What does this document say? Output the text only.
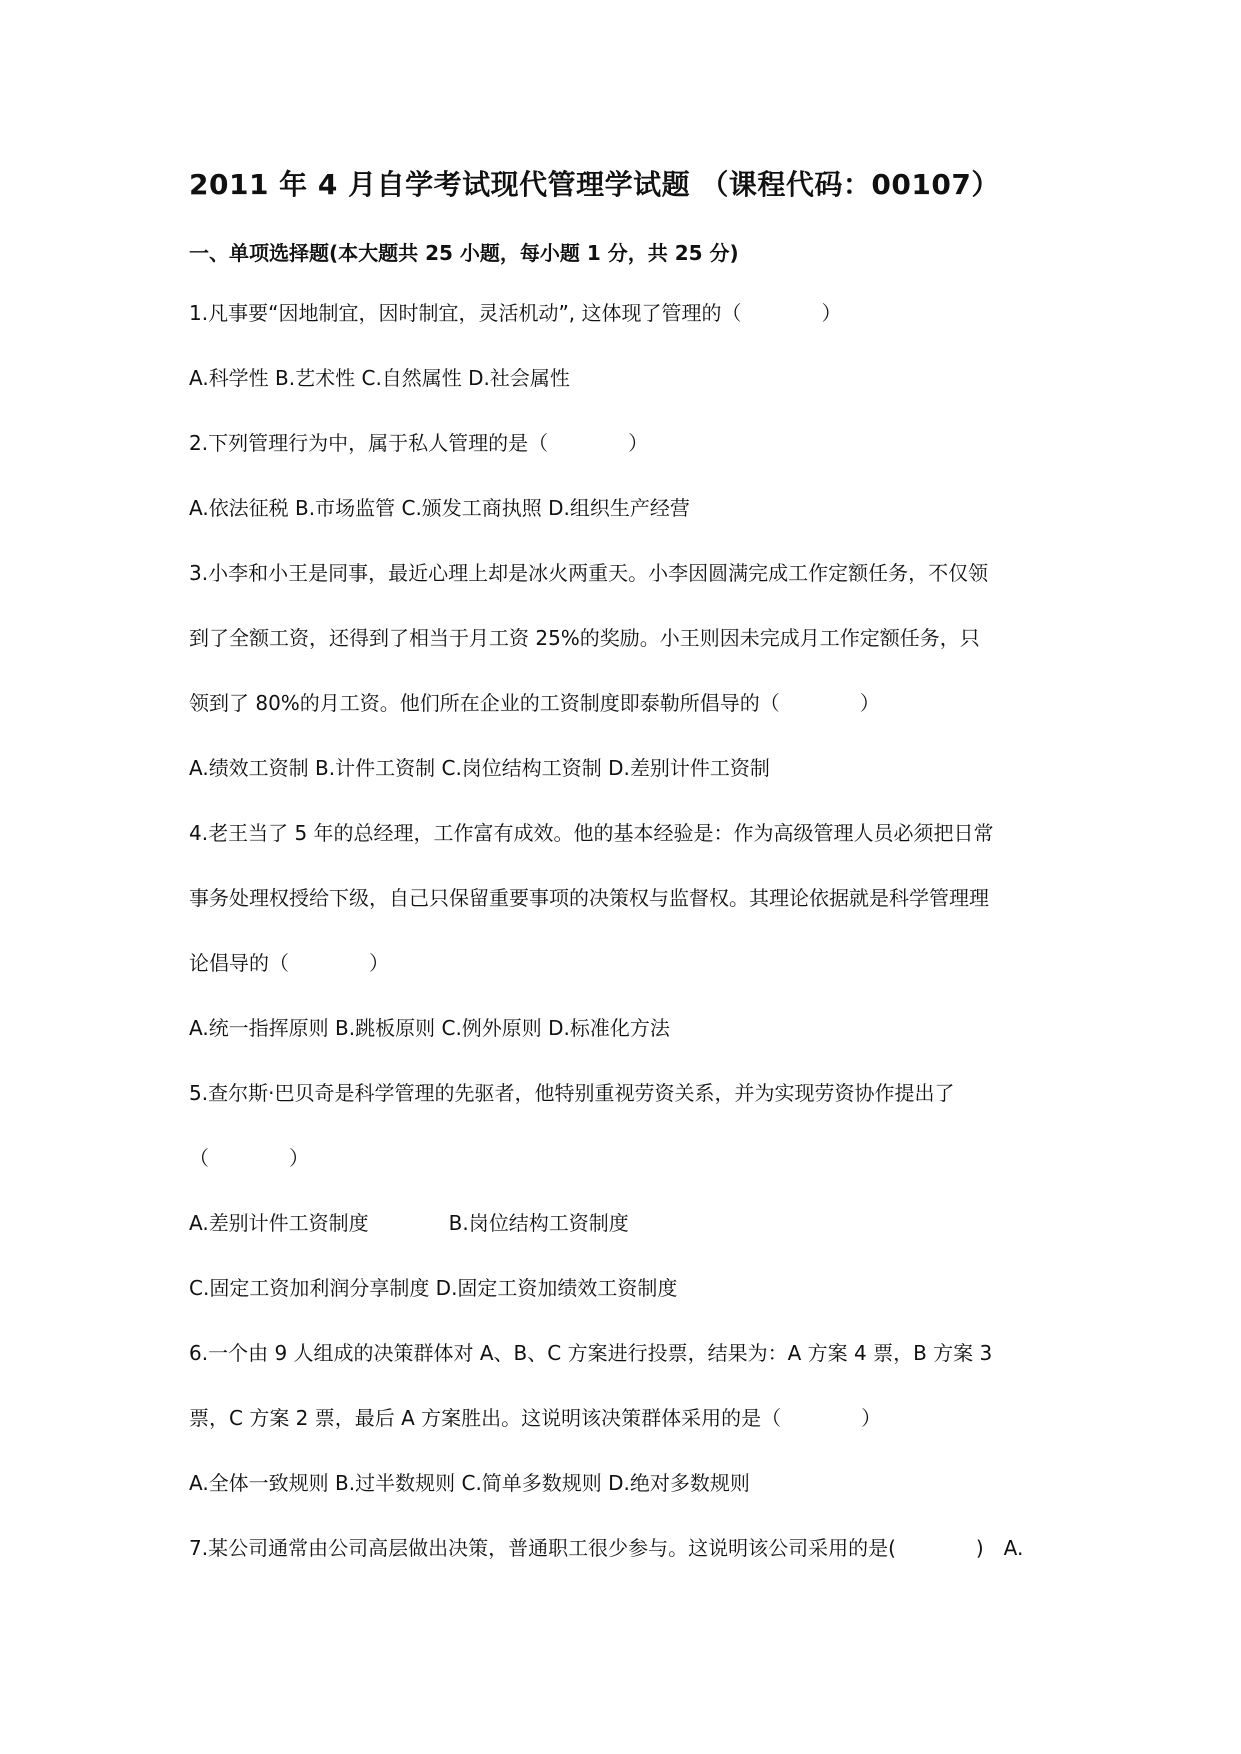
2011 年 4 月自学考试现代管理学试题 （课程代码：00107）
一、单项选择题(本大题共 25 小题，每小题 1 分，共 25 分)
1.凡事要“因地制宜，因时制宜，灵活机动”, 这体现了管理的（　　　　）
A.科学性 B.艺术性 C.自然属性 D.社会属性
2.下列管理行为中，属于私人管理的是（　　　　）
A.依法征税 B.市场监管 C.颁发工商执照 D.组织生产经营
3.小李和小王是同事，最近心理上却是冰火两重天。小李因圆满完成工作定额任务，不仅领
到了全额工资，还得到了相当于月工资 25%的奖励。小王则因未完成月工作定额任务，只
领到了 80%的月工资。他们所在企业的工资制度即泰勒所倡导的（　　　　）
A.绩效工资制 B.计件工资制 C.岗位结构工资制 D.差别计件工资制
4.老王当了 5 年的总经理，工作富有成效。他的基本经验是：作为高级管理人员必须把日常
事务处理权授给下级，自己只保留重要事项的决策权与监督权。其理论依据就是科学管理理
论倡导的（　　　　）
A.统一指挥原则 B.跳板原则 C.例外原则 D.标准化方法
5.查尔斯·巴贝奇是科学管理的先驱者，他特别重视劳资关系，并为实现劳资协作提出了
（　　　　）
A.差别计件工资制度　　　　B.岗位结构工资制度
C.固定工资加利润分享制度 D.固定工资加绩效工资制度
6.一个由 9 人组成的决策群体对 A、B、C 方案进行投票，结果为：A 方案 4 票，B 方案 3
票，C 方案 2 票，最后 A 方案胜出。这说明该决策群体采用的是（　　　　）
A.全体一致规则 B.过半数规则 C.简单多数规则 D.绝对多数规则
7.某公司通常由公司高层做出决策，普通职工很少参与。这说明该公司采用的是(　　　　)　A.
